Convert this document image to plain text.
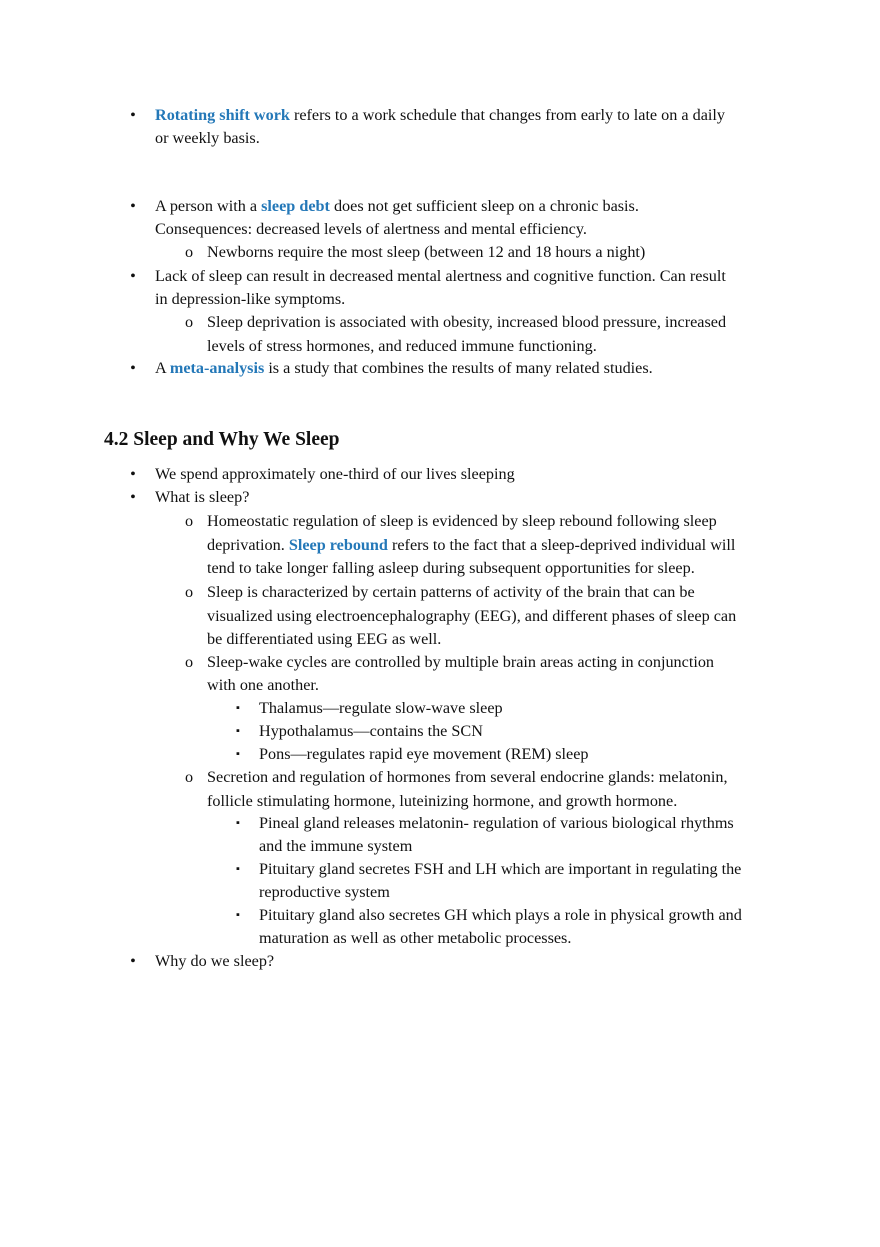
• Rotating shift work refers to a work schedule that changes from early to late on a daily
or weekly basis.
• A person with a sleep debt does not get sufficient sleep on a chronic basis.
Consequences: decreased levels of alertness and mental efficiency.
o Newborns require the most sleep (between 12 and 18 hours a night)
• Lack of sleep can result in decreased mental alertness and cognitive function. Can result
in depression-like symptoms.
o Sleep deprivation is associated with obesity, increased blood pressure, increased
levels of stress hormones, and reduced immune functioning.
• A meta-analysis is a study that combines the results of many related studies.
4.2 Sleep and Why We Sleep
• We spend approximately one-third of our lives sleeping
• What is sleep?
o Homeostatic regulation of sleep is evidenced by sleep rebound following sleep
deprivation. Sleep rebound refers to the fact that a sleep-deprived individual will
tend to take longer falling asleep during subsequent opportunities for sleep.
o Sleep is characterized by certain patterns of activity of the brain that can be
visualized using electroencephalography (EEG), and different phases of sleep can
be differentiated using EEG as well.
o Sleep-wake cycles are controlled by multiple brain areas acting in conjunction
with one another.
▪ Thalamus—regulate slow-wave sleep
▪ Hypothalamus—contains the SCN
▪ Pons—regulates rapid eye movement (REM) sleep
o Secretion and regulation of hormones from several endocrine glands: melatonin,
follicle stimulating hormone, luteinizing hormone, and growth hormone.
▪ Pineal gland releases melatonin- regulation of various biological rhythms
and the immune system
▪ Pituitary gland secretes FSH and LH which are important in regulating the
reproductive system
▪ Pituitary gland also secretes GH which plays a role in physical growth and
maturation as well as other metabolic processes.
• Why do we sleep?
